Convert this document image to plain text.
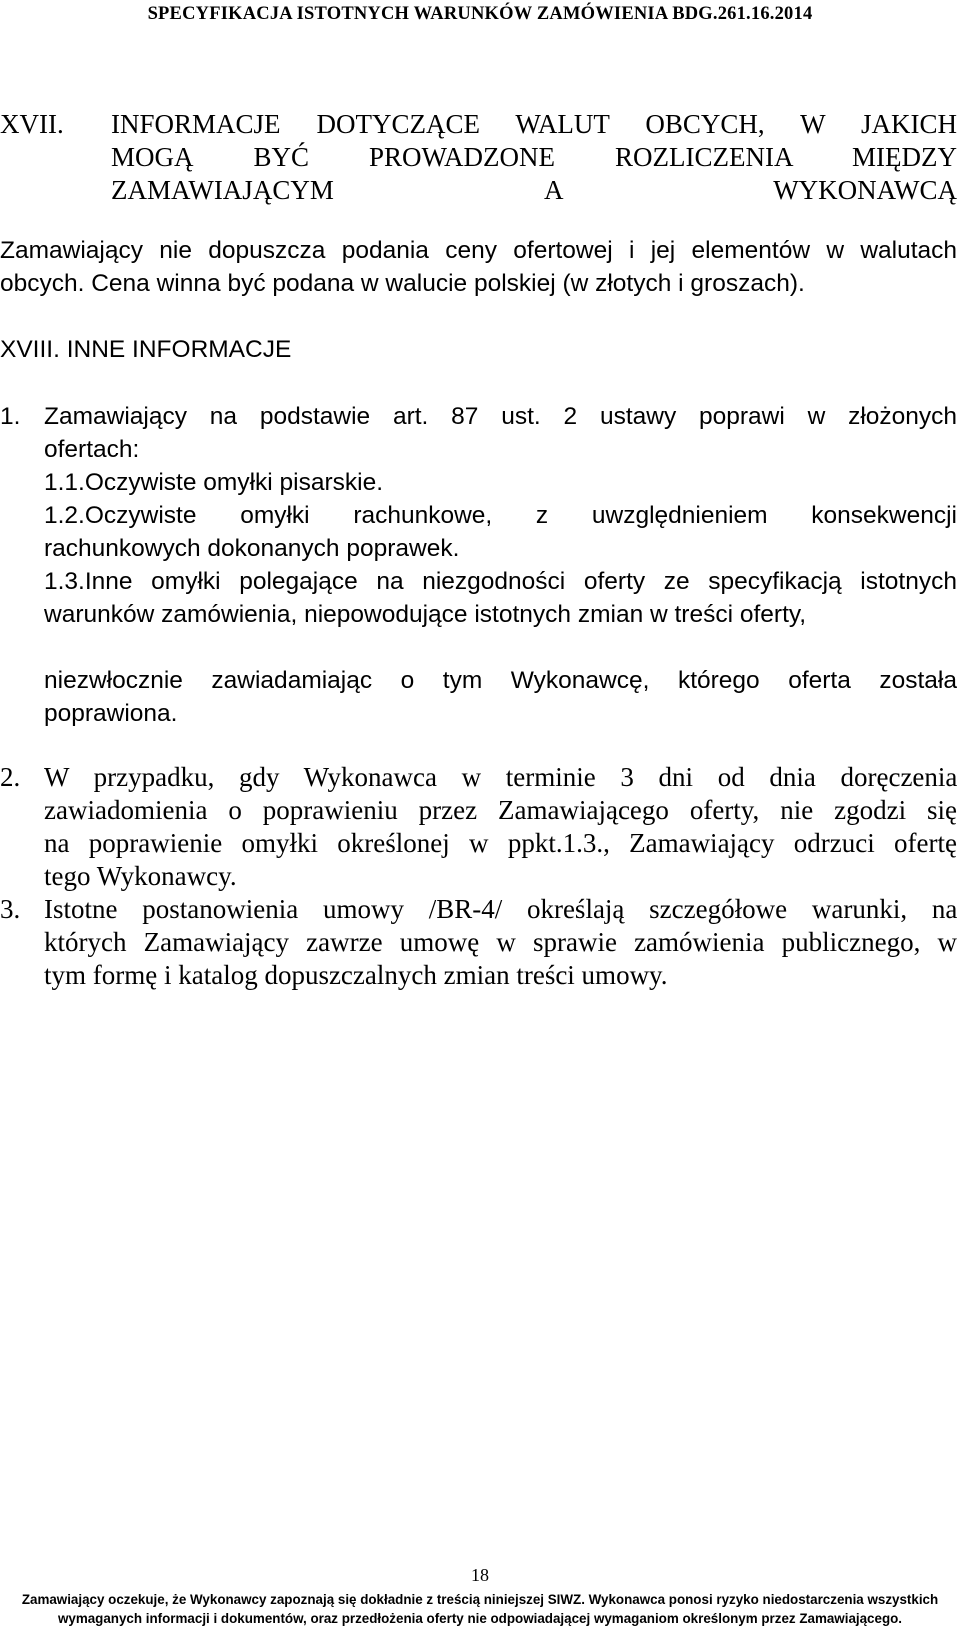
SPECYFIKACJA ISTOTNYCH WARUNKÓW ZAMÓWIENIA BDG.261.16.2014
XVII. INFORMACJE DOTYCZĄCE WALUT OBCYCH, W JAKICH
MOGĄ BYĆ PROWADZONE ROZLICZENIA MIĘDZY
ZAMAWIAJĄCYM A WYKONAWCĄ
Zamawiający nie dopuszcza podania ceny ofertowej i jej elementów w walutach
obcych. Cena winna być podana w walucie polskiej (w złotych i groszach).
XVIII. INNE INFORMACJE
1. Zamawiający na podstawie art. 87 ust. 2 ustawy poprawi w złożonych
ofertach:
1.1.Oczywiste omyłki pisarskie.
1.2.Oczywiste omyłki rachunkowe, z uwzględnieniem konsekwencji
rachunkowych dokonanych poprawek.
1.3.Inne omyłki polegające na niezgodności oferty ze specyfikacją istotnych
warunków zamówienia, niepowodujące istotnych zmian w treści oferty,
niezwłocznie zawiadamiając o tym Wykonawcę, którego oferta została
poprawiona.
2. W przypadku, gdy Wykonawca w terminie 3 dni od dnia doręczenia
zawiadomienia o poprawieniu przez Zamawiającego oferty, nie zgodzi się
na poprawienie omyłki określonej w ppkt.1.3., Zamawiający odrzuci ofertę
tego Wykonawcy.
3. Istotne postanowienia umowy /BR-4/ określają szczegółowe warunki, na
których Zamawiający zawrze umowę w sprawie zamówienia publicznego, w
tym formę i katalog dopuszczalnych zmian treści umowy.
18
Zamawiający oczekuje, że Wykonawcy zapoznają się dokładnie z treścią niniejszej SIWZ. Wykonawca ponosi ryzyko niedostarczenia wszystkich
wymaganych informacji i dokumentów, oraz przedłożenia oferty nie odpowiadającej wymaganiom określonym przez Zamawiającego.
